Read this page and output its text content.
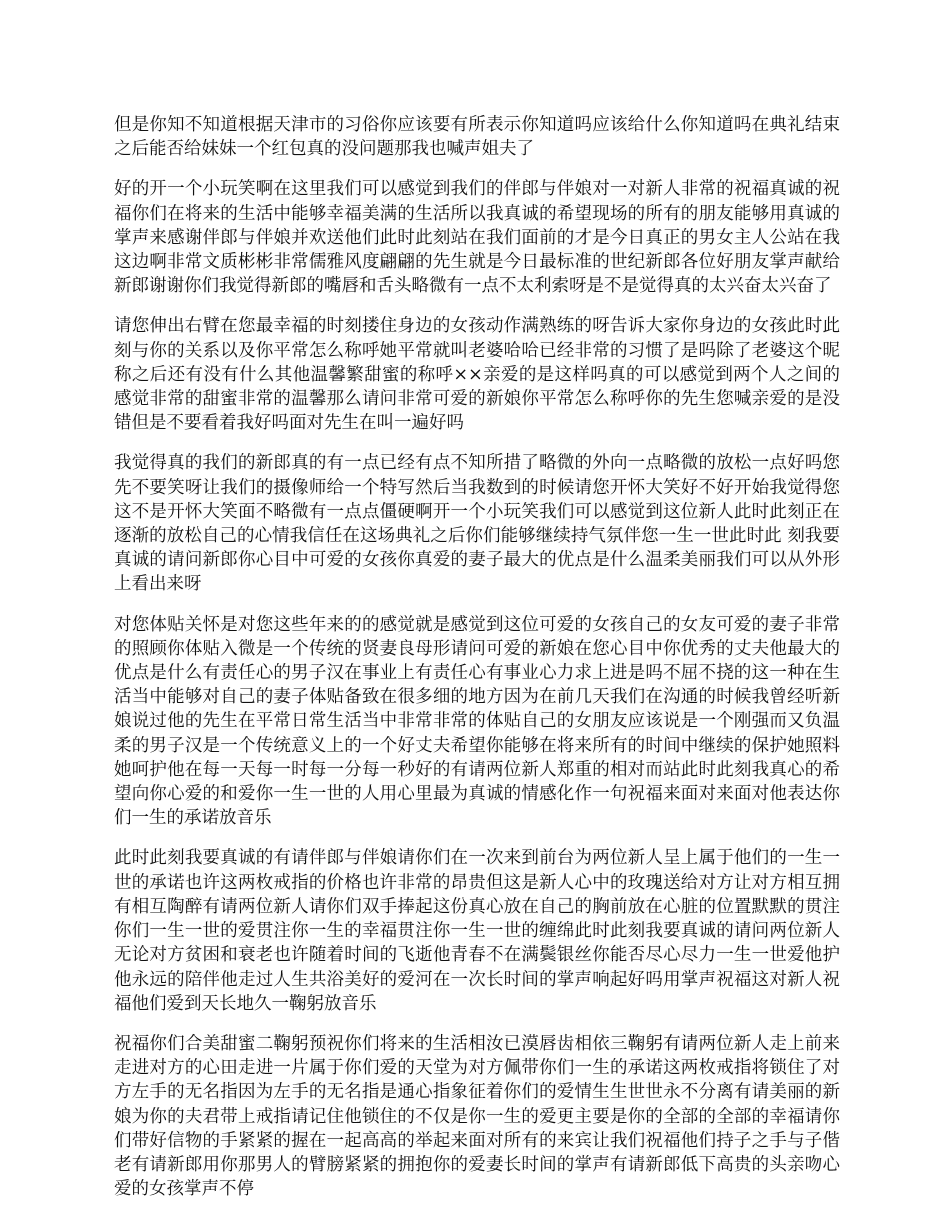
但是你知不知道根据天津市的习俗你应该要有所表示你知道吗应该给什么你知道吗在典礼结束之后能否给妹妹一个红包真的没问题那我也喊声姐夫了

好的开一个小玩笑啊在这里我们可以感觉到我们的伴郎与伴娘对一对新人非常的祝福真诚的祝福你们在将来的生活中能够幸福美满的生活所以我真诚的希望现场的所有的朋友能够用真诚的掌声来感谢伴郎与伴娘并欢送他们此时此刻站在我们面前的才是今日真正的男女主人公站在我这边啊非常文质彬彬非常儒雅风度翩翩的先生就是今日最标准的世纪新郎各位好朋友掌声献给新郎谢谢你们我觉得新郎的嘴唇和舌头略微有一点不太利索呀是不是觉得真的太兴奋太兴奋了

请您伸出右臂在您最幸福的时刻搂住身边的女孩动作满熟练的呀告诉大家你身边的女孩此时此刻与你的关系以及你平常怎么称呼她平常就叫老婆哈哈已经非常的习惯了是吗除了老婆这个昵称之后还有没有什么其他温馨繁甜蜜的称呼××亲爱的是这样吗真的可以感觉到两个人之间的感觉非常的甜蜜非常的温馨那么请问非常可爱的新娘你平常怎么称呼你的先生您喊亲爱的是没错但是不要看着我好吗面对先生在叫一遍好吗

我觉得真的我们的新郎真的有一点已经有点不知所措了略微的外向一点略微的放松一点好吗您先不要笑呀让我们的摄像师给一个特写然后当我数到的时候请您开怀大笑好不好开始我觉得您这不是开怀大笑面不略微有一点点僵硬啊开一个小玩笑我们可以感觉到这位新人此时此刻正在逐渐的放松自己的心情我信任在这场典礼之后你们能够继续持气氛伴您一生一世此时此 刻我要真诚的请问新郎你心目中可爱的女孩你真爱的妻子最大的优点是什么温柔美丽我们可以从外形上看出来呀

对您体贴关怀是对您这些年来的的感觉就是感觉到这位可爱的女孩自己的女友可爱的妻子非常的照顾你体贴入微是一个传统的贤妻良母形请问可爱的新娘在您心目中你优秀的丈夫他最大的优点是什么有责任心的男子汉在事业上有责任心有事业心力求上进是吗不屈不挠的这一种在生活当中能够对自己的妻子体贴备致在很多细的地方因为在前几天我们在沟通的时候我曾经听新娘说过他的先生在平常日常生活当中非常非常的体贴自己的女朋友应该说是一个刚强而又负温柔的男子汉是一个传统意义上的一个好丈夫希望你能够在将来所有的时间中继续的保护她照料她呵护他在每一天每一时每一分每一秒好的有请两位新人郑重的相对而站此时此刻我真心的希望向你心爱的和爱你一生一世的人用心里最为真诚的情感化作一句祝福来面对来面对他表达你们一生的承诺放音乐

此时此刻我要真诚的有请伴郎与伴娘请你们在一次来到前台为两位新人呈上属于他们的一生一世的承诺也许这两枚戒指的价格也许非常的昂贵但这是新人心中的玫瑰送给对方让对方相互拥有相互陶醉有请两位新人请你们双手捧起这份真心放在自己的胸前放在心脏的位置默默的贯注你们一生一世的爱贯注你一生的幸福贯注你一生一世的缠绵此时此刻我要真诚的请问两位新人无论对方贫困和衰老也许随着时间的飞逝他青春不在满鬓银丝你能否尽心尽力一生一世爱他护他永远的陪伴他走过人生共浴美好的爱河在一次长时间的掌声响起好吗用掌声祝福这对新人祝福他们爱到天长地久一鞠躬放音乐

祝福你们合美甜蜜二鞠躬预祝你们将来的生活相汝已漠唇齿相依三鞠躬有请两位新人走上前来走进对方的心田走进一片属于你们爱的天堂为对方佩带你们一生的承诺这两枚戒指将锁住了对方左手的无名指因为左手的无名指是通心指象征着你们的爱情生生世世永不分离有请美丽的新娘为你的夫君带上戒指请记住他锁住的不仅是你一生的爱更主要是你的全部的全部的幸福请你们带好信物的手紧紧的握在一起高高的举起来面对所有的来宾让我们祝福他们持子之手与子偕老有请新郎用你那男人的臂膀紧紧的拥抱你的爱妻长时间的掌声有请新郎低下高贵的头亲吻心爱的女孩掌声不停
